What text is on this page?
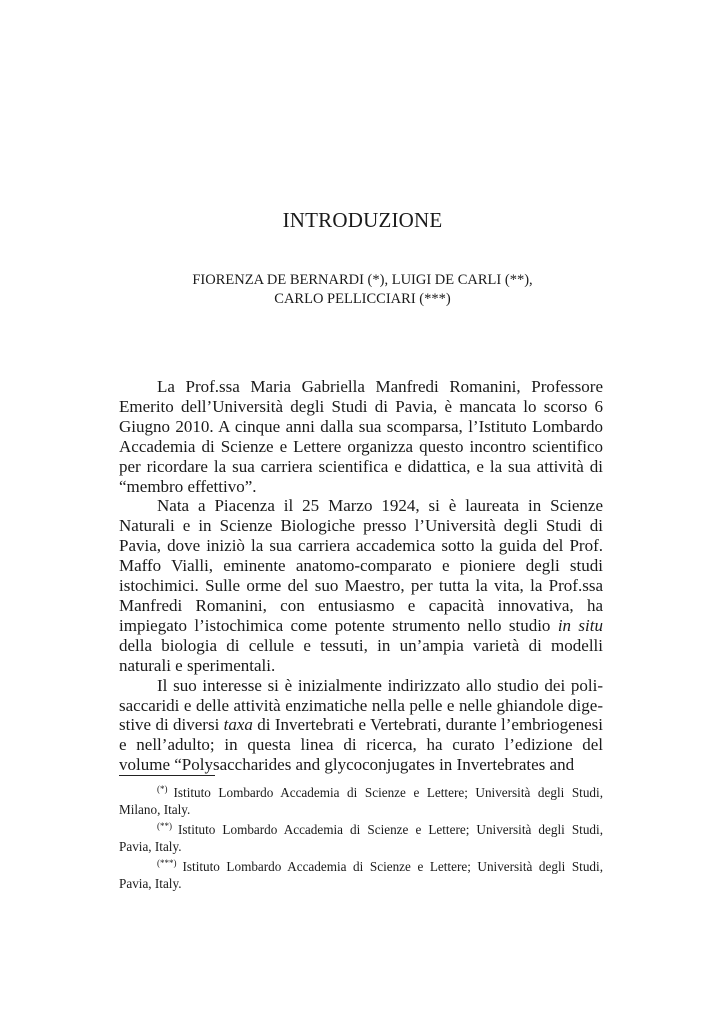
INTRODUZIONE
FIORENZA DE BERNARDI (*), LUIGI DE CARLI (**),
CARLO PELLICCIARI (***)

La Prof.ssa Maria Gabriella Manfredi Romanini, Professore Emerito dell’Università degli Studi di Pavia, è mancata lo scorso 6 Giugno 2010. A cinque anni dalla sua scomparsa, l’Istituto Lombardo Accademia di Scienze e Lettere organizza questo incontro scientifico per ricordare la sua carriera scientifica e didattica, e la sua attività di “membro effettivo”.

Nata a Piacenza il 25 Marzo 1924, si è laureata in Scienze Naturali e in Scienze Biologiche presso l’Università degli Studi di Pavia, dove iniziò la sua carriera accademica sotto la guida del Prof. Maffo Vialli, eminente anatomo-comparato e pioniere degli studi istochimici. Sulle orme del suo Maestro, per tutta la vita, la Prof.ssa Manfredi Romanini, con entusiasmo e capacità innovativa, ha impiegato l’istochimica come potente strumento nello studio in situ della biologia di cellule e tessuti, in un’ampia varietà di modelli naturali e sperimentali.

Il suo interesse si è inizialmente indirizzato allo studio dei polisaccaridi e delle attività enzimatiche nella pelle e nelle ghiandole digestive di diversi taxa di Invertebrati e Vertebrati, durante l’embriogenesi e nell’adulto; in questa linea di ricerca, ha curato l’edizione del volume “Polysaccharides and glycoconjugates in Invertebrates and

(*) Istituto Lombardo Accademia di Scienze e Lettere; Università degli Studi, Milano, Italy.

(**) Istituto Lombardo Accademia di Scienze e Lettere; Università degli Studi, Pavia, Italy.

(***) Istituto Lombardo Accademia di Scienze e Lettere; Università degli Studi, Pavia, Italy.
